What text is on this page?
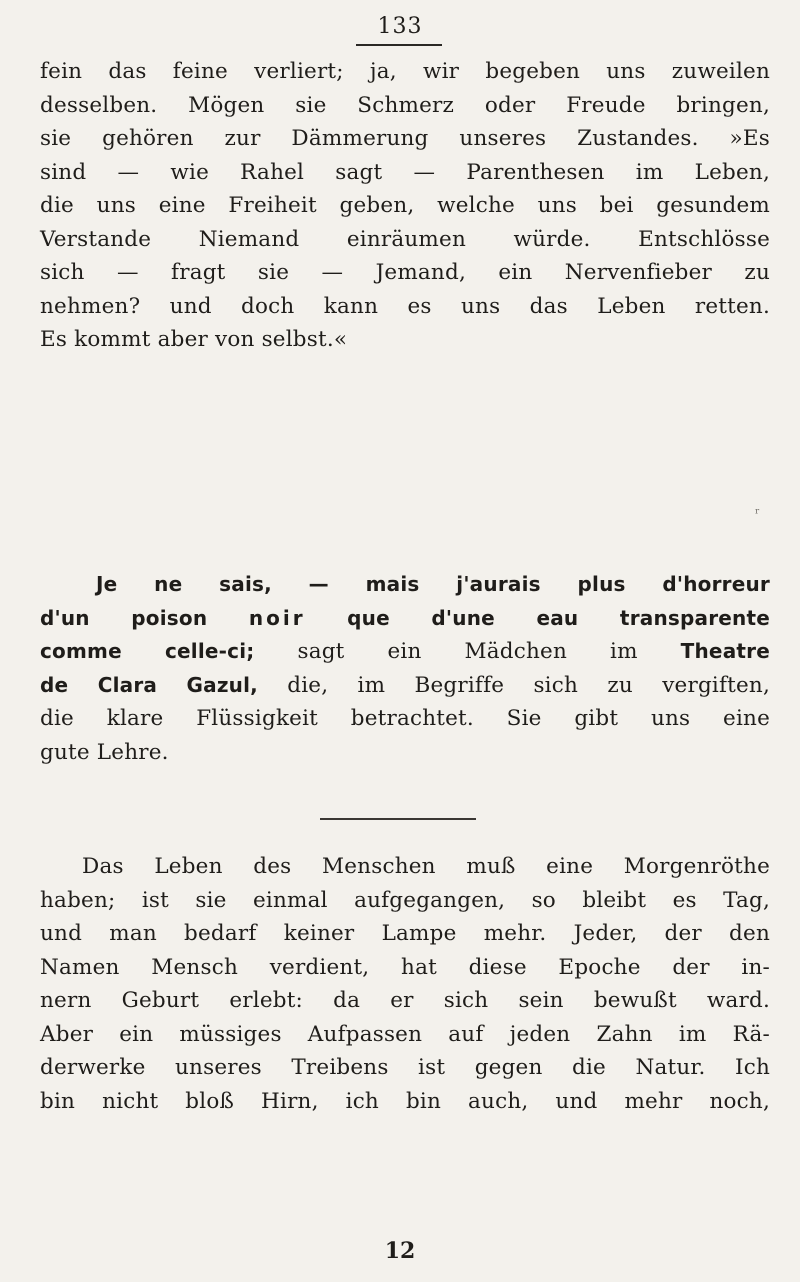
133
fein das feine verliert; ja, wir begeben uns zuweilen
desselben. Mögen sie Schmerz oder Freude bringen,
sie gehören zur Dämmerung unseres Zustandes. »Es
sind — wie Rahel sagt — Parenthesen im Leben,
die uns eine Freiheit geben, welche uns bei gesundem
Verstande Niemand einräumen würde. Entschlösse
sich — fragt sie — Jemand, ein Nervenfieber zu
nehmen? und doch kann es uns das Leben retten.
Es kommt aber von selbst.«
ʳ
Je ne sais, — mais j'aurais plus d'horreur
d'un poison noir que d'une eau transparente
comme celle-ci; sagt ein Mädchen im Theatre
de Clara Gazul, die, im Begriffe sich zu vergiften,
die klare Flüssigkeit betrachtet. Sie gibt uns eine
gute Lehre.
Das Leben des Menschen muß eine Morgenröthe
haben; ist sie einmal aufgegangen, so bleibt es Tag,
und man bedarf keiner Lampe mehr. Jeder, der den
Namen Mensch verdient, hat diese Epoche der in-
nern Geburt erlebt: da er sich sein bewußt ward.
Aber ein müssiges Aufpassen auf jeden Zahn im Rä-
derwerke unseres Treibens ist gegen die Natur. Ich
bin nicht bloß Hirn, ich bin auch, und mehr noch,
12
